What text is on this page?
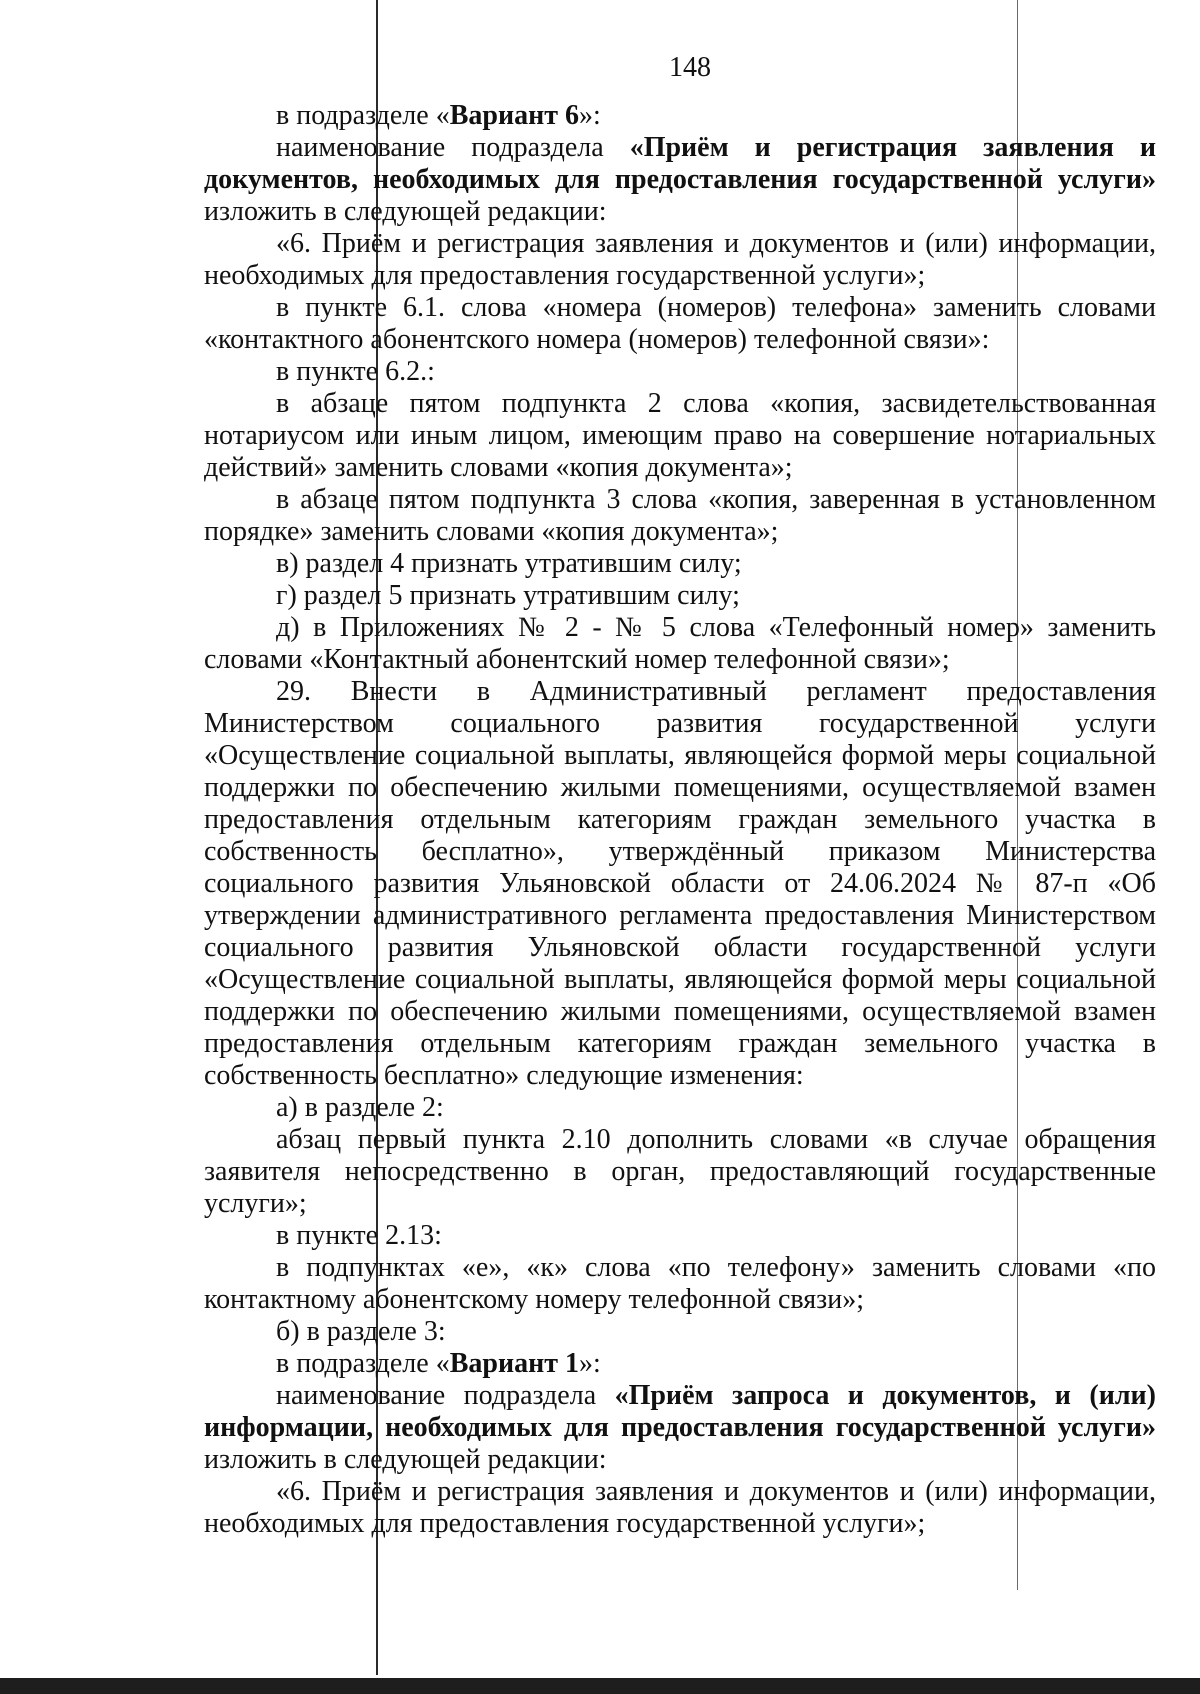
148

в подразделе «Вариант 6»:

наименование подраздела «Приём и регистрация заявления и документов, необходимых для предоставления государственной услуги» изложить в следующей редакции:

«6. Приём и регистрация заявления и документов и (или) информации, необходимых для предоставления государственной услуги»;

в пункте 6.1. слова «номера (номеров) телефона» заменить словами «контактного абонентского номера (номеров) телефонной связи»:

в пункте 6.2.:

в абзаце пятом подпункта 2 слова «копия, засвидетельствованная нотариусом или иным лицом, имеющим право на совершение нотариальных действий» заменить словами «копия документа»;

в абзаце пятом подпункта 3 слова «копия, заверенная в установленном порядке» заменить словами «копия документа»;

в) раздел 4 признать утратившим силу;

г) раздел 5 признать утратившим силу;

д) в Приложениях № 2 - № 5 слова «Телефонный номер» заменить словами «Контактный абонентский номер телефонной связи»;

29. Внести в Административный регламент предоставления Министерством социального развития государственной услуги «Осуществление социальной выплаты, являющейся формой меры социальной поддержки по обеспечению жилыми помещениями, осуществляемой взамен предоставления отдельным категориям граждан земельного участка в собственность бесплатно», утверждённый приказом Министерства социального развития Ульяновской области от 24.06.2024 № 87-п «Об утверждении административного регламента предоставления Министерством социального развития Ульяновской области государственной услуги «Осуществление социальной выплаты, являющейся формой меры социальной поддержки по обеспечению жилыми помещениями, осуществляемой взамен предоставления отдельным категориям граждан земельного участка в собственность бесплатно» следующие изменения:

а) в разделе 2:

абзац первый пункта 2.10 дополнить словами «в случае обращения заявителя непосредственно в орган, предоставляющий государственные услуги»;

в пункте 2.13:

в подпунктах «е», «к» слова «по телефону» заменить словами «по контактному абонентскому номеру телефонной связи»;

б) в разделе 3:

в подразделе «Вариант 1»:

наименование подраздела «Приём запроса и документов, и (или) информации, необходимых для предоставления государственной услуги» изложить в следующей редакции:

«6. Приём и регистрация заявления и документов и (или) информации, необходимых для предоставления государственной услуги»;
